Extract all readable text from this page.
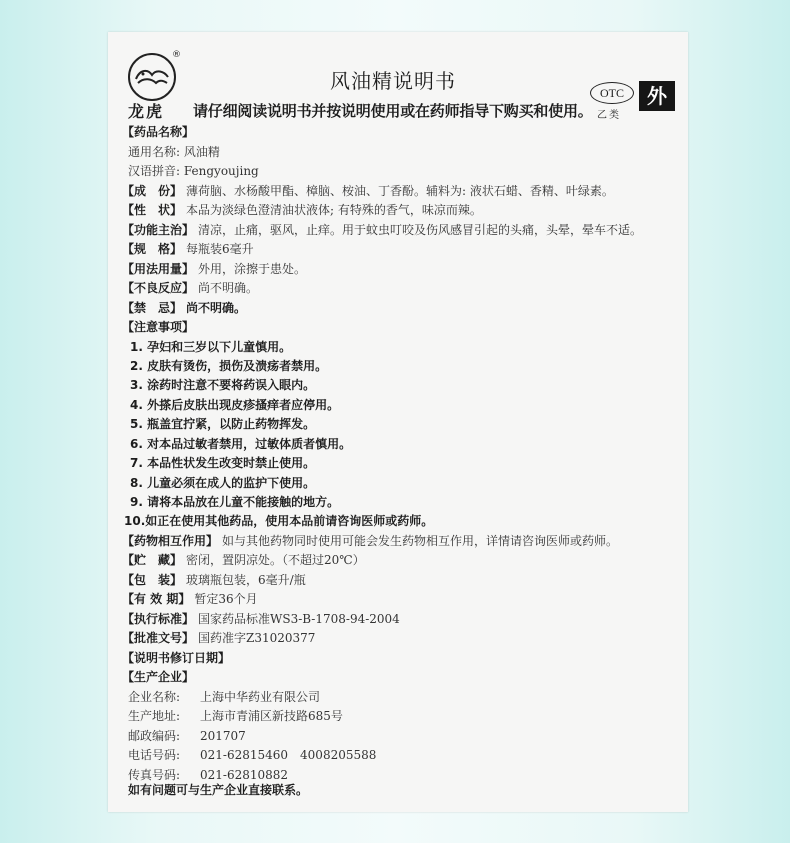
®
龙虎
风油精说明书
请仔细阅读说明书并按说明使用或在药师指导下购买和使用。
OTC
乙类
外
【药品名称】
通用名称: 风油精
汉语拼音: Fengyoujing
【成　份】 薄荷脑、水杨酸甲酯、樟脑、桉油、丁香酚。辅料为: 液状石蜡、香精、叶绿素。
【性　状】 本品为淡绿色澄清油状液体; 有特殊的香气，味凉而辣。
【功能主治】 清凉，止痛，驱风，止痒。用于蚊虫叮咬及伤风感冒引起的头痛，头晕，晕车不适。
【规　格】 每瓶装6毫升
【用法用量】 外用，涂擦于患处。
【不良反应】 尚不明确。
【禁　忌】 尚不明确。
【注意事项】
1. 孕妇和三岁以下儿童慎用。
2. 皮肤有烫伤，损伤及溃疡者禁用。
3. 涂药时注意不要将药误入眼内。
4. 外搽后皮肤出现皮疹搔痒者应停用。
5. 瓶盖宜拧紧，以防止药物挥发。
6. 对本品过敏者禁用，过敏体质者慎用。
7. 本品性状发生改变时禁止使用。
8. 儿童必须在成人的监护下使用。
9. 请将本品放在儿童不能接触的地方。
10.如正在使用其他药品，使用本品前请咨询医师或药师。
【药物相互作用】 如与其他药物同时使用可能会发生药物相互作用，详情请咨询医师或药师。
【贮　藏】 密闭，置阴凉处。（不超过20℃）
【包　装】 玻璃瓶包装，6毫升/瓶
【有 效 期】 暂定36个月
【执行标准】 国家药品标准WS3-B-1708-94-2004
【批准文号】 国药准字Z31020377
【说明书修订日期】
【生产企业】
企业名称: 上海中华药业有限公司
生产地址: 上海市青浦区新技路685号
邮政编码: 201707
电话号码: 021-62815460　4008205588
传真号码: 021-62810882
如有问题可与生产企业直接联系。
